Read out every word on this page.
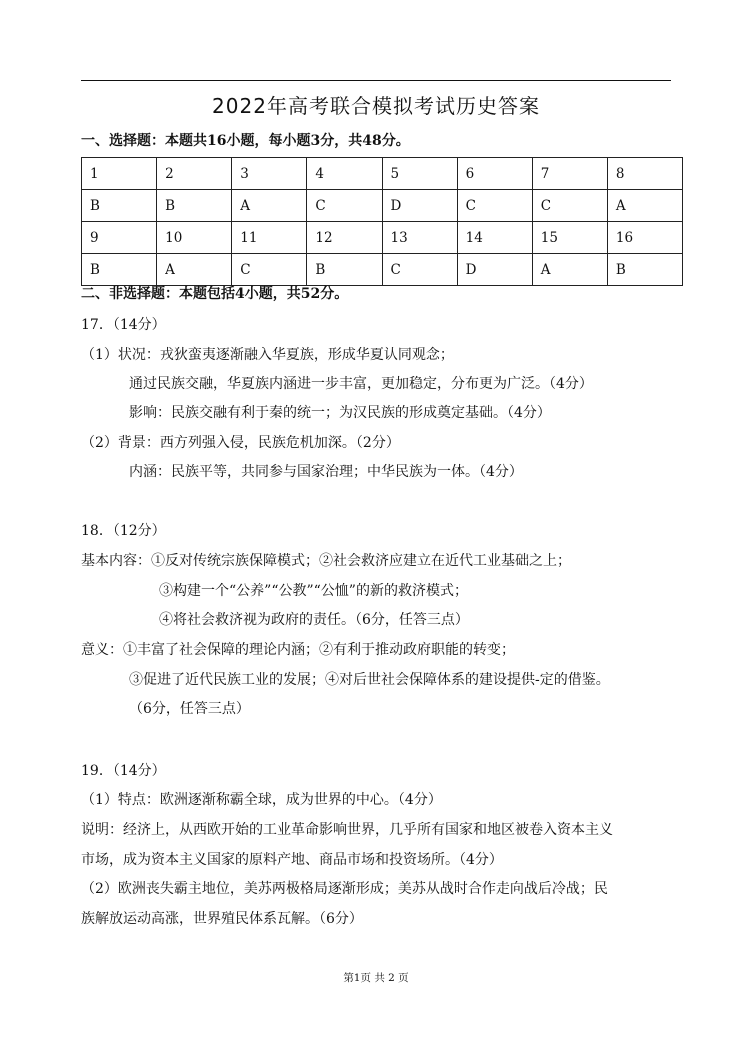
2022年高考联合模拟考试历史答案
一、选择题：本题共16小题，每小题3分，共48分。
1	2	3	4	5	6	7	8
B	B	A	C	D	C	C	A
9	10	11	12	13	14	15	16
B	A	C	B	C	D	A	B
二、非选择题：本题包括4小题，共52分。
17．（14分）
（1）状况：戎狄蛮夷逐渐融入华夏族，形成华夏认同观念；
通过民族交融，华夏族内涵进一步丰富，更加稳定，分布更为广泛。（4分）
影响：民族交融有利于秦的统一；为汉民族的形成奠定基础。（4分）
（2）背景：西方列强入侵，民族危机加深。（2分）
内涵：民族平等，共同参与国家治理；中华民族为一体。（4分）
18．（12分）
基本内容：①反对传统宗族保障模式；②社会救济应建立在近代工业基础之上；
③构建一个“公养”“公教”“公恤”的新的救济模式；
④将社会救济视为政府的责任。（6分，任答三点）
意义：①丰富了社会保障的理论内涵；②有利于推动政府职能的转变；
③促进了近代民族工业的发展；④对后世社会保障体系的建设提供-定的借鉴。
（6分，任答三点）
19．（14分）
（1）特点：欧洲逐渐称霸全球，成为世界的中心。（4分）
说明：经济上，从西欧开始的工业革命影响世界，几乎所有国家和地区被卷入资本主义
市场，成为资本主义国家的原料产地、商品市场和投资场所。（4分）
（2）欧洲丧失霸主地位，美苏两极格局逐渐形成；美苏从战时合作走向战后冷战；民
族解放运动高涨，世界殖民体系瓦解。（6分）
第1页 共 2 页
